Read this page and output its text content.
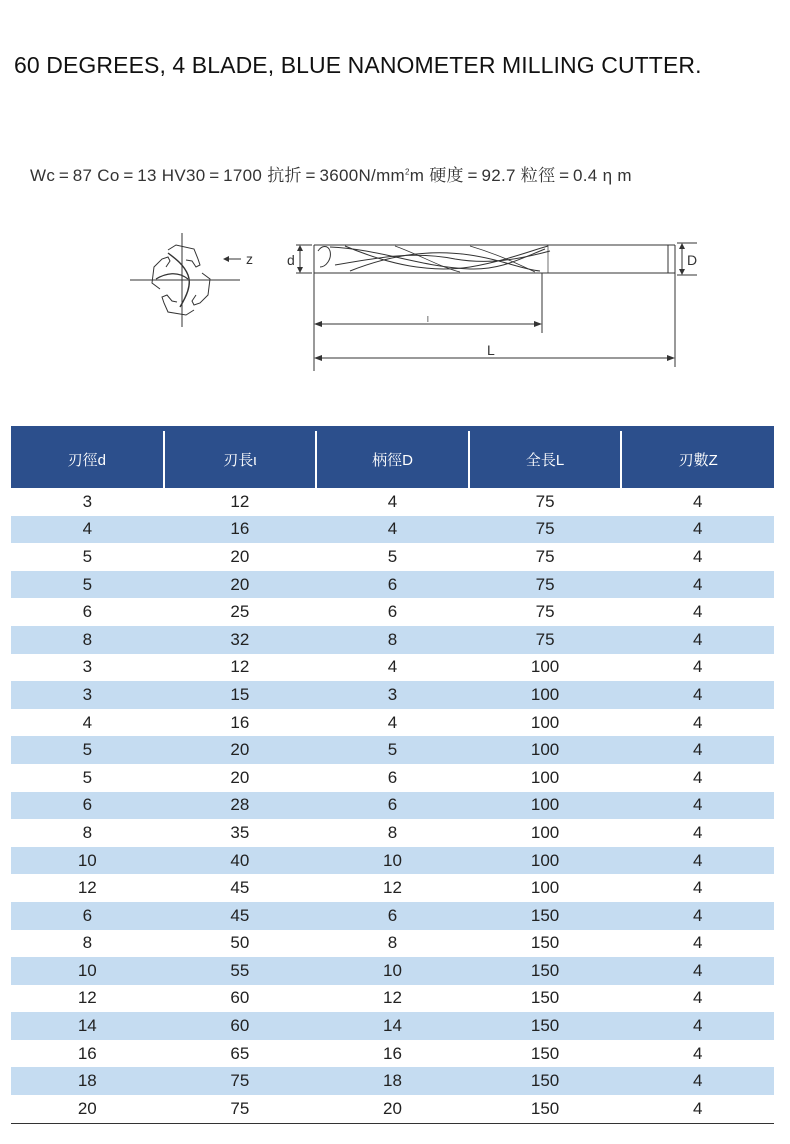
60 DEGREES, 4 BLADE, BLUE NANOMETER MILLING CUTTER.
Wc = 87 Co = 13 HV30 = 1700 抗折 = $3600N/mm^2m$ 硬度 = 92.7 粒徑 = 0.4 η m
z d	D
l
L
刃徑d	刃長ι	柄徑D	全長L	刃數Z
3	12	4	75	4
4	16	4	75	4
5	20	5	75	4
5	20	6	75	4
6	25	6	75	4
8	32	8	75	4
3	12	4	100	4
3	15	3	100	4
4	16	4	100	4
5	20	5	100	4
5	20	6	100	4
6	28	6	100	4
8	35	8	100	4
10	40	10	100	4
12	45	12	100	4
6	45	6	150	4
8	50	8	150	4
10	55	10	150	4
12	60	12	150	4
14	60	14	150	4
16	65	16	150	4
18	75	18	150	4
20	75	20	150	4
